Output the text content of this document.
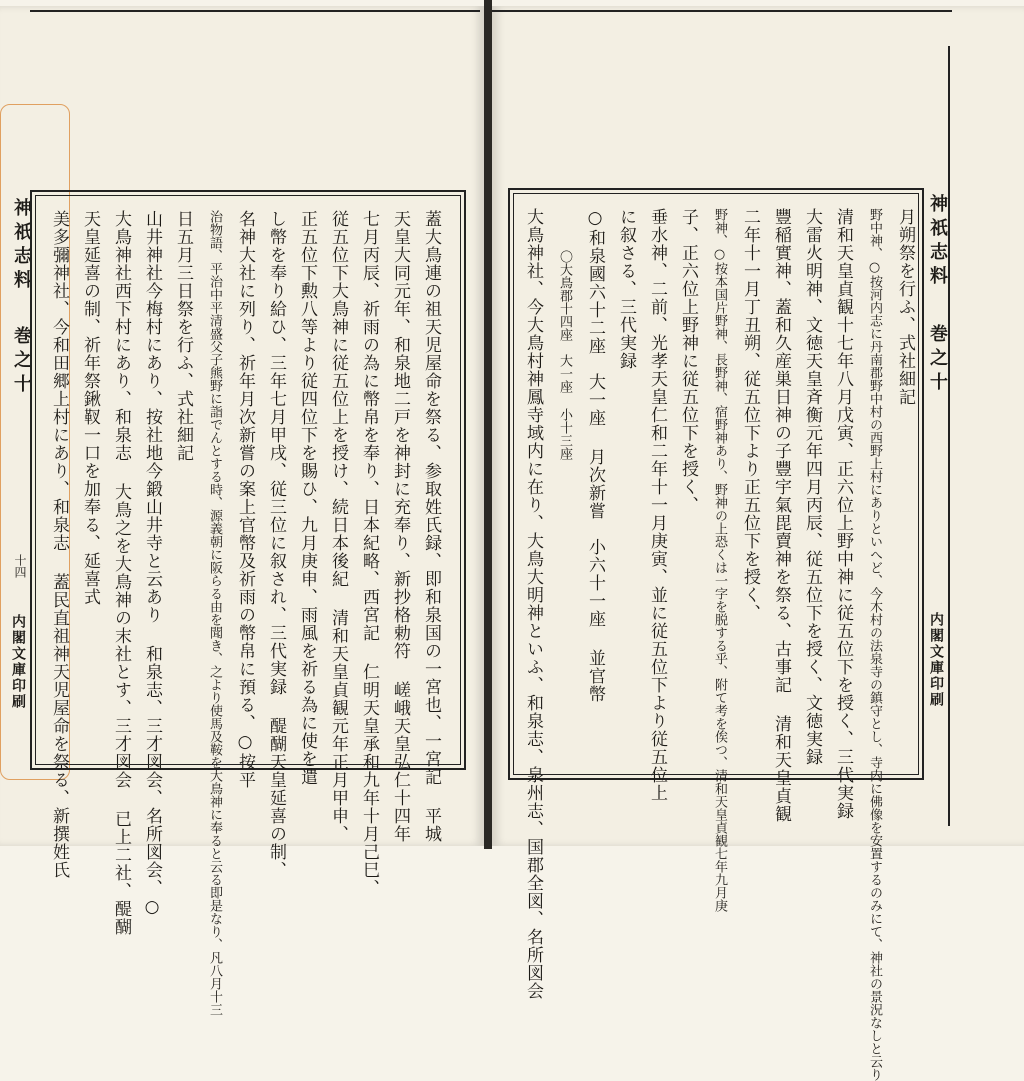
神祇志料
巻之十
十四
内閣文庫印刷 美多彌神社、今和田郷上村にあり、和泉志 蓋民直祖神天児屋命を祭る、新撰姓氏 天皇延喜の制、祈年祭鍬靫一口を加奉る、延喜式 大鳥神社西下村にあり、和泉志 大鳥之を大鳥神の末社とす、三才図会 已上二社、醍醐 山井神社今梅村にあり、按社地今鍛山井寺と云あり 和泉志、三才図会、名所図会、○ 日五月三日祭を行ふ、式社細記	治物語、平治中平清盛父子熊野に詣でんとする時、源義朝に阪らる由を聞き、之より使馬及鞍を大鳥神に奉ると云る即是なり、凡八月十三 名神大社に列り、祈年月次新嘗の案上官幣及祈雨の幣帛に預る、○按平 し幣を奉り給ひ、三年七月甲戌、従三位に叙され、三代実録 醍醐天皇延喜の制、 正五位下勲八等より従四位下を賜ひ、九月庚申、雨風を祈る為に使を遣 従五位下大鳥神に従五位上を授け、続日本後紀 清和天皇貞観元年正月甲申、 七月丙辰、祈雨の為に幣帛を奉り、日本紀略、西宮記 仁明天皇承和九年十月己巳、 天皇大同元年、和泉地二戸を神封に充奉り、新抄格勅符 嵯峨天皇弘仁十四年 蓋大鳥連の祖天児屋命を祭る、参取姓氏録、即和泉国の一宮也、一宮記 平城	大鳥神社、今大鳥村神鳳寺域内に在り、大鳥大明神といふ、和泉志、泉州志、国郡全図、名所図会	〇大鳥郡十四座　大一座 小十三座 ○和泉國六十二座　大一座 月次新嘗　小六十一座 並官幣 に叙さる、三代実録 垂水神、二前、光孝天皇仁和二年十一月庚寅、並に従五位下より従五位上 子、正六位上野神に従五位下を授く、	野神、○按本国片野神、長野神、宿野神あり、野神の上恐くは一字を脱する乎、附て考を俟つ、清和天皇貞観七年九月庚 二年十一月丁丑朔、従五位下より正五位下を授く、 豐稲實神、蓋和久産巣日神の子豐宇氣毘賣神を祭る、古事記 清和天皇貞観 大雷火明神、文徳天皇斉衡元年四月丙辰、従五位下を授く、文徳実録 清和天皇貞観十七年八月戊寅、正六位上野中神に従五位下を授く、三代実録	野中神、○按河内志に丹南郡野中村の西野上村にありといへど、今木村の法泉寺の鎮守とし、寺内に佛像を安置するのみにて、神社の景況なしと云り 月朔祭を行ふ、式社細記 神祇志料
巻之十
内閣文庫印刷
